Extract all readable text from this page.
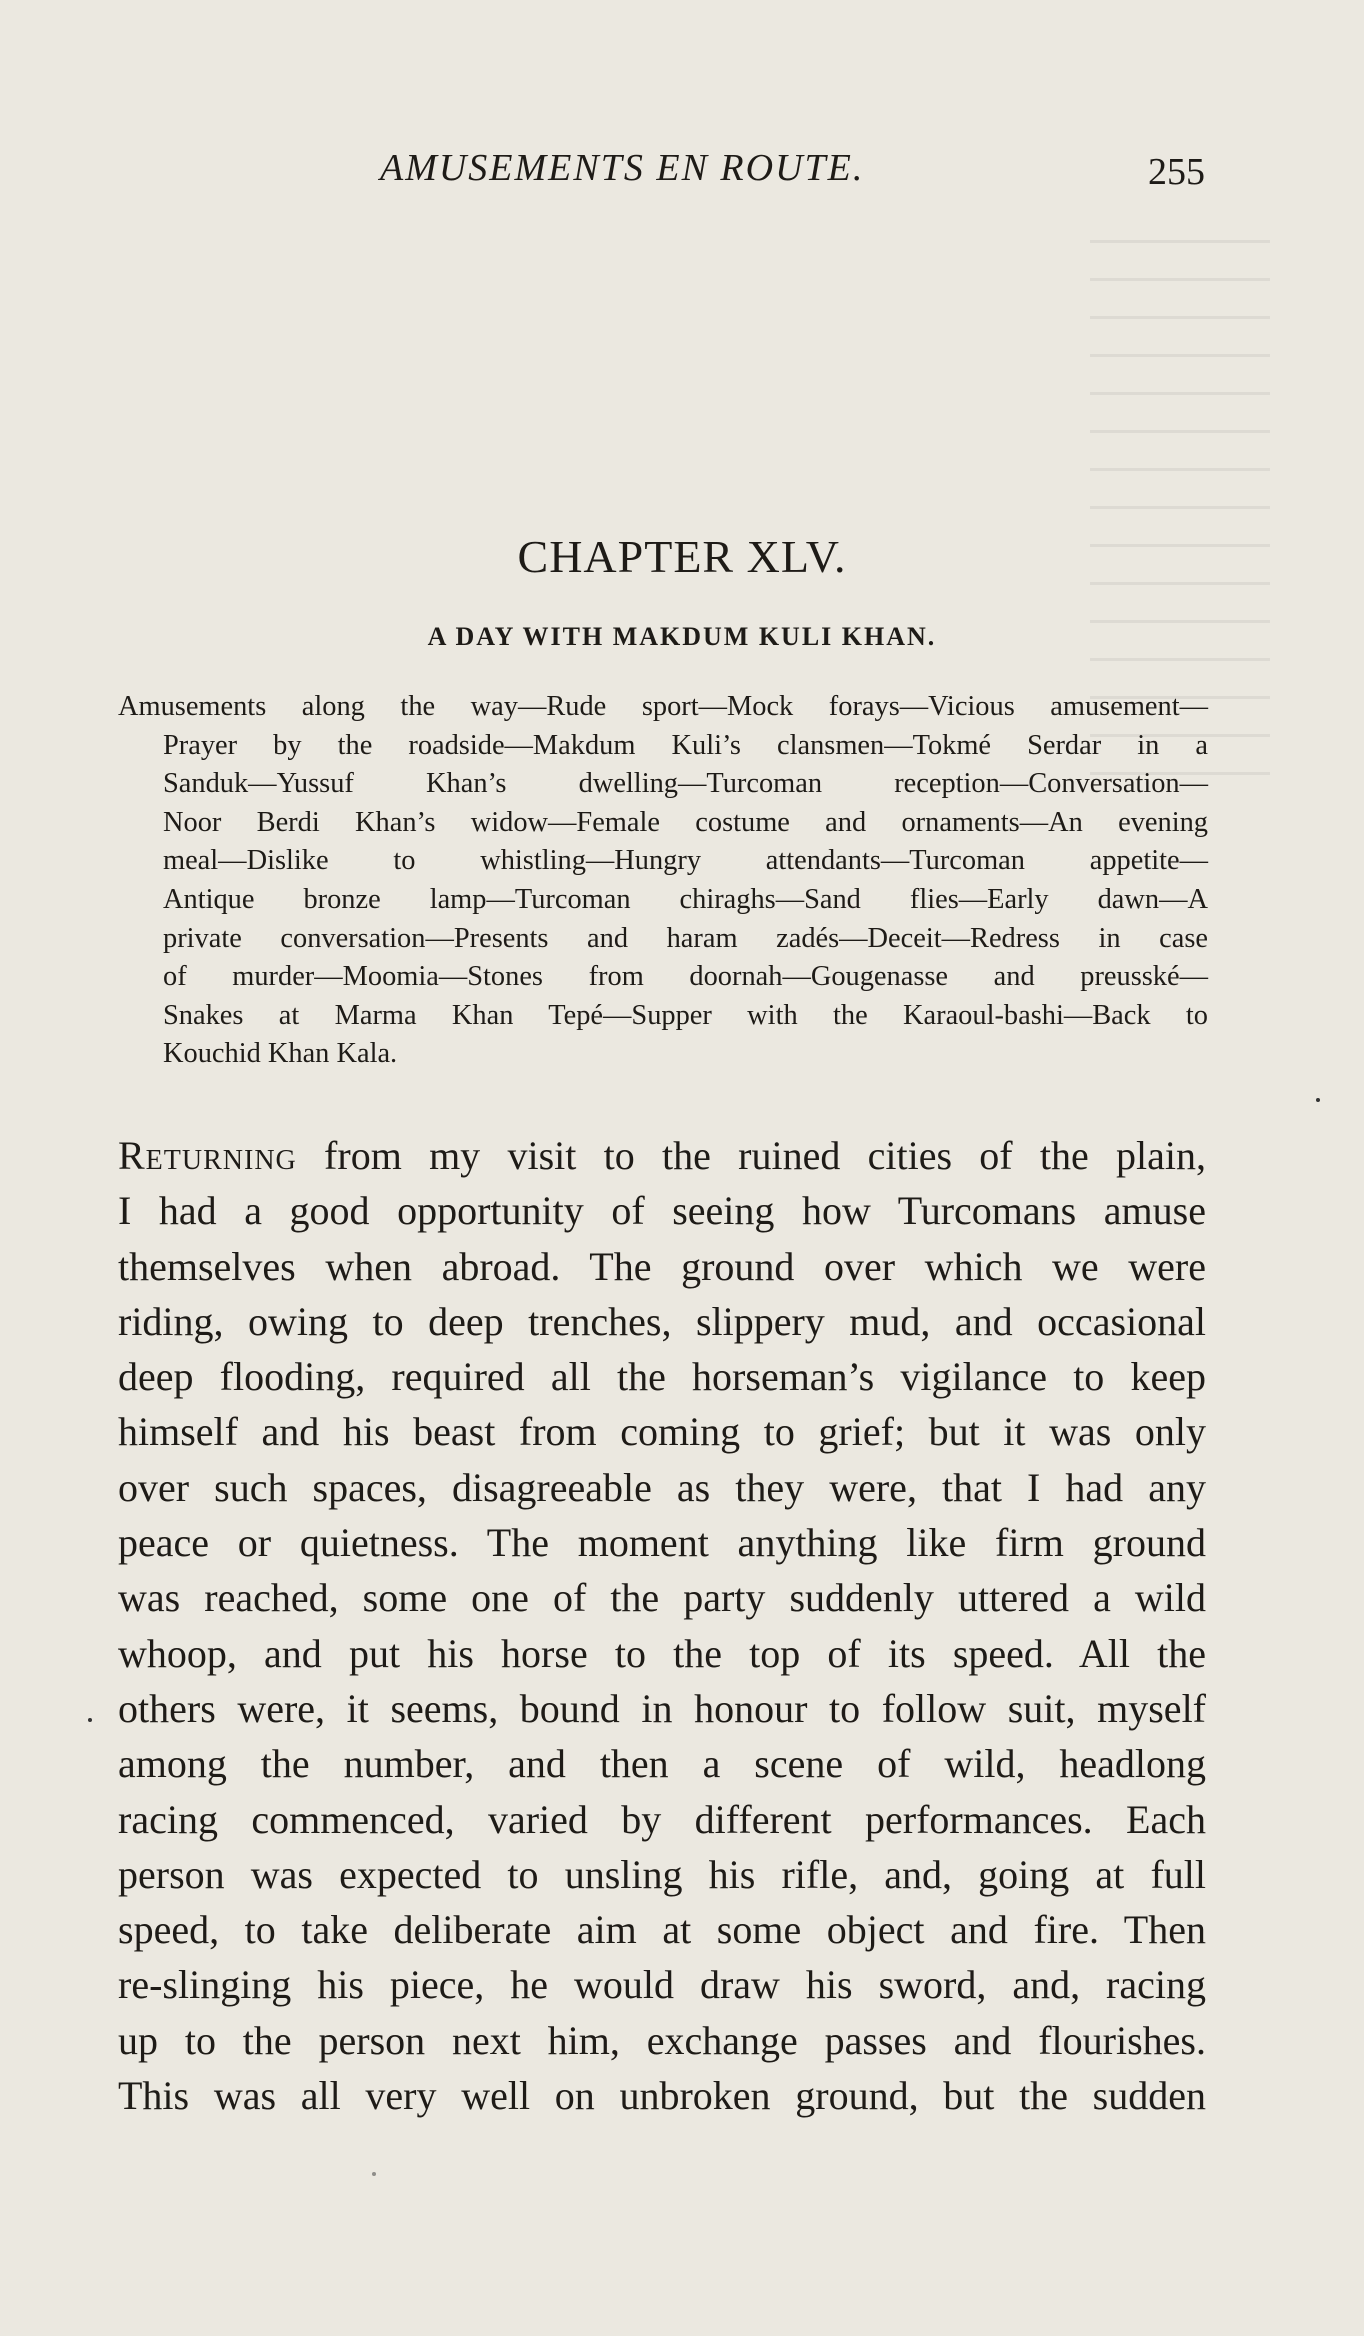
AMUSEMENTS EN ROUTE.	255
CHAPTER XLV.
A DAY WITH MAKDUM KULI KHAN.
Amusements along the way—Rude sport—Mock forays—Vicious amusement—
Prayer by the roadside—Makdum Kuli’s clansmen—Tokmé Serdar in a
Sanduk—Yussuf Khan’s dwelling—Turcoman reception—Conversation—
Noor Berdi Khan’s widow—Female costume and ornaments—An evening
meal—Dislike to whistling—Hungry attendants—Turcoman appetite—
Antique bronze lamp—Turcoman chiraghs—Sand flies—Early dawn—A
private conversation—Presents and haram zadés—Deceit—Redress in case
of murder—Moomia—Stones from doornah—Gougenasse and preusské—
Snakes at Marma Khan Tepé—Supper with the Karaoul-bashi—Back to
Kouchid Khan Kala.
Returning from my visit to the ruined cities of the plain,
I had a good opportunity of seeing how Turcomans amuse
themselves when abroad. The ground over which we were
riding, owing to deep trenches, slippery mud, and occasional
deep flooding, required all the horseman’s vigilance to keep
himself and his beast from coming to grief; but it was only
over such spaces, disagreeable as they were, that I had any
peace or quietness. The moment anything like firm ground
was reached, some one of the party suddenly uttered a wild
whoop, and put his horse to the top of its speed. All the
others were, it seems, bound in honour to follow suit, myself
among the number, and then a scene of wild, headlong
racing commenced, varied by different performances. Each
person was expected to unsling his rifle, and, going at full
speed, to take deliberate aim at some object and fire. Then
re-slinging his piece, he would draw his sword, and, racing
up to the person next him, exchange passes and flourishes.
This was all very well on unbroken ground, but the sudden
